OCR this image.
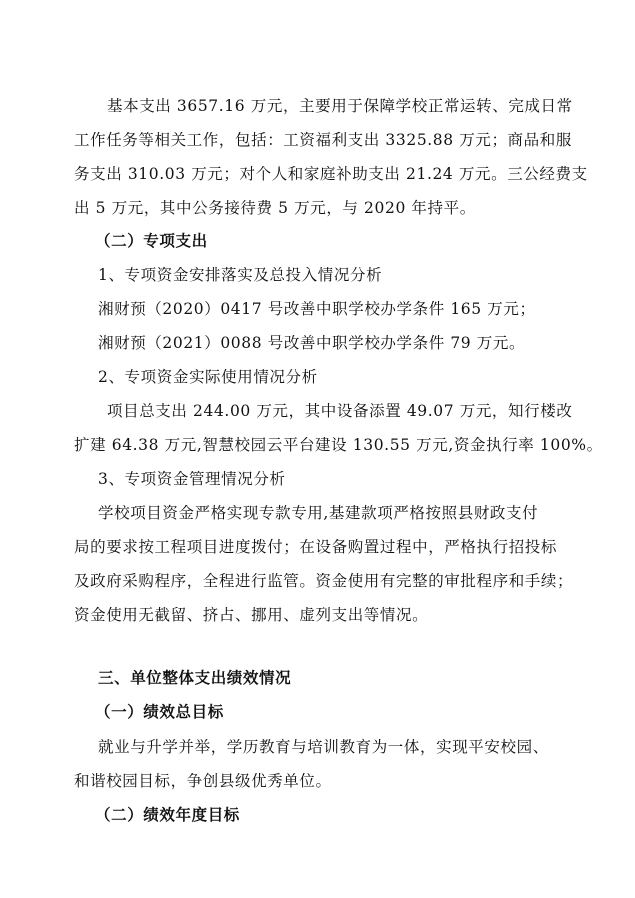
基本支出 3657.16 万元，主要用于保障学校正常运转、完成日常
工作任务等相关工作，包括：工资福利支出 3325.88 万元；商品和服
务支出 310.03 万元；对个人和家庭补助支出 21.24 万元。三公经费支
出 5 万元，其中公务接待费 5 万元，与 2020 年持平。
（二）专项支出
1、专项资金安排落实及总投入情况分析
湘财预（2020）0417 号改善中职学校办学条件 165 万元；
湘财预（2021）0088 号改善中职学校办学条件 79 万元。
2、专项资金实际使用情况分析
项目总支出 244.00 万元，其中设备添置 49.07 万元，知行楼改
扩建 64.38 万元,智慧校园云平台建设 130.55 万元,资金执行率 100%。
3、专项资金管理情况分析
学校项目资金严格实现专款专用,基建款项严格按照县财政支付
局的要求按工程项目进度拨付；在设备购置过程中，严格执行招投标
及政府采购程序，全程进行监管。资金使用有完整的审批程序和手续；
资金使用无截留、挤占、挪用、虚列支出等情况。
三、单位整体支出绩效情况
（一）绩效总目标
就业与升学并举，学历教育与培训教育为一体，实现平安校园、
和谐校园目标，争创县级优秀单位。
（二）绩效年度目标
